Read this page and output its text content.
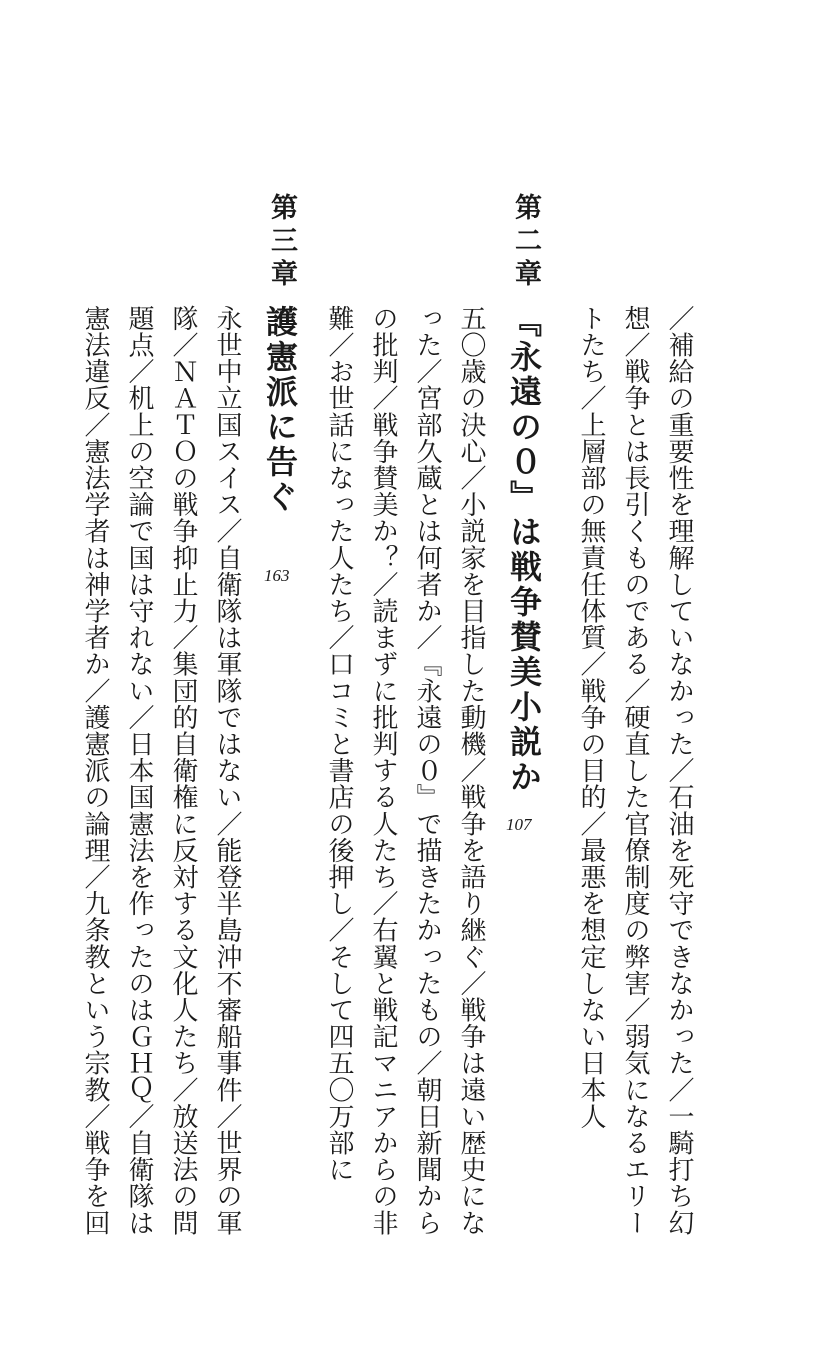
／補給の重要性を理解していなかった／石油を死守できなかった／一騎打ち幻

想／戦争とは長引くものである／硬直した官僚制度の弊害／弱気になるエリー

トたち／上層部の無責任体質／戦争の目的／最悪を想定しない日本人

第二章

『永遠の０』は戦争賛美小説か

107

五〇歳の決心／小説家を目指した動機／戦争を語り継ぐ／戦争は遠い歴史にな

った／宮部久蔵とは何者か／『永遠の０』で描きたかったもの／朝日新聞から

の批判／戦争賛美か？／読まずに批判する人たち／右翼と戦記マニアからの非

難／お世話になった人たち／口コミと書店の後押し／そして四五〇万部に

第三章

護憲派に告ぐ

163

永世中立国スイス／自衛隊は軍隊ではない／能登半島沖不審船事件／世界の軍

隊／ＮＡＴＯの戦争抑止力／集団的自衛権に反対する文化人たち／放送法の問

題点／机上の空論で国は守れない／日本国憲法を作ったのはＧＨＱ／自衛隊は

憲法違反／憲法学者は神学者か／護憲派の論理／九条教という宗教／戦争を回
